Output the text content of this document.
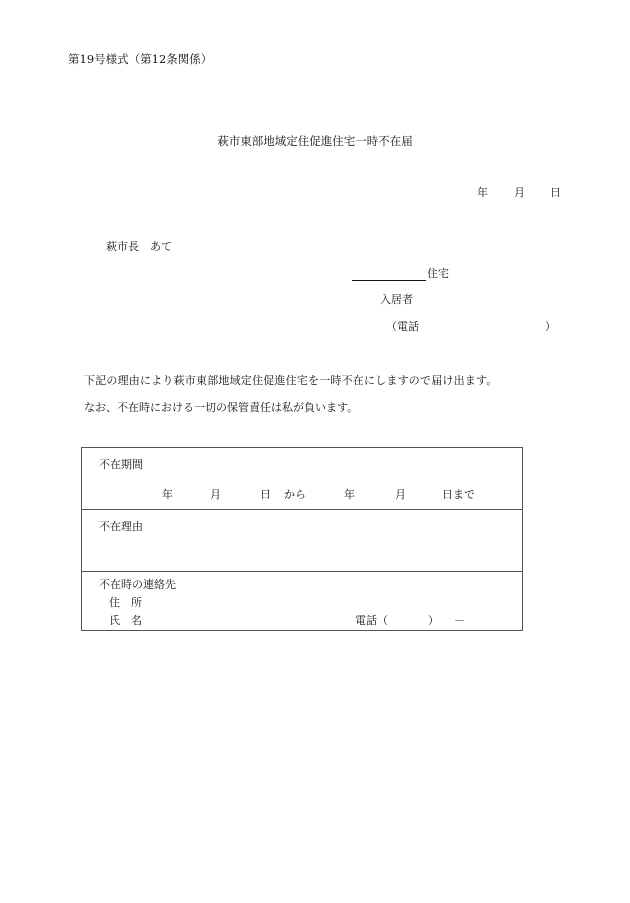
第19号様式（第12条関係）
萩市東部地域定住促進住宅一時不在届
年 月 日
萩市長　あて
住宅
入居者
（電話	）
下記の理由により萩市東部地域定住促進住宅を一時不在にしますので届け出ます。
なお、不在時における一切の保管責任は私が負います。
不在期間
年	月	日 から	年	月	日まで
不在理由
不在時の連絡先
住　所
氏　名	電話（	） －
